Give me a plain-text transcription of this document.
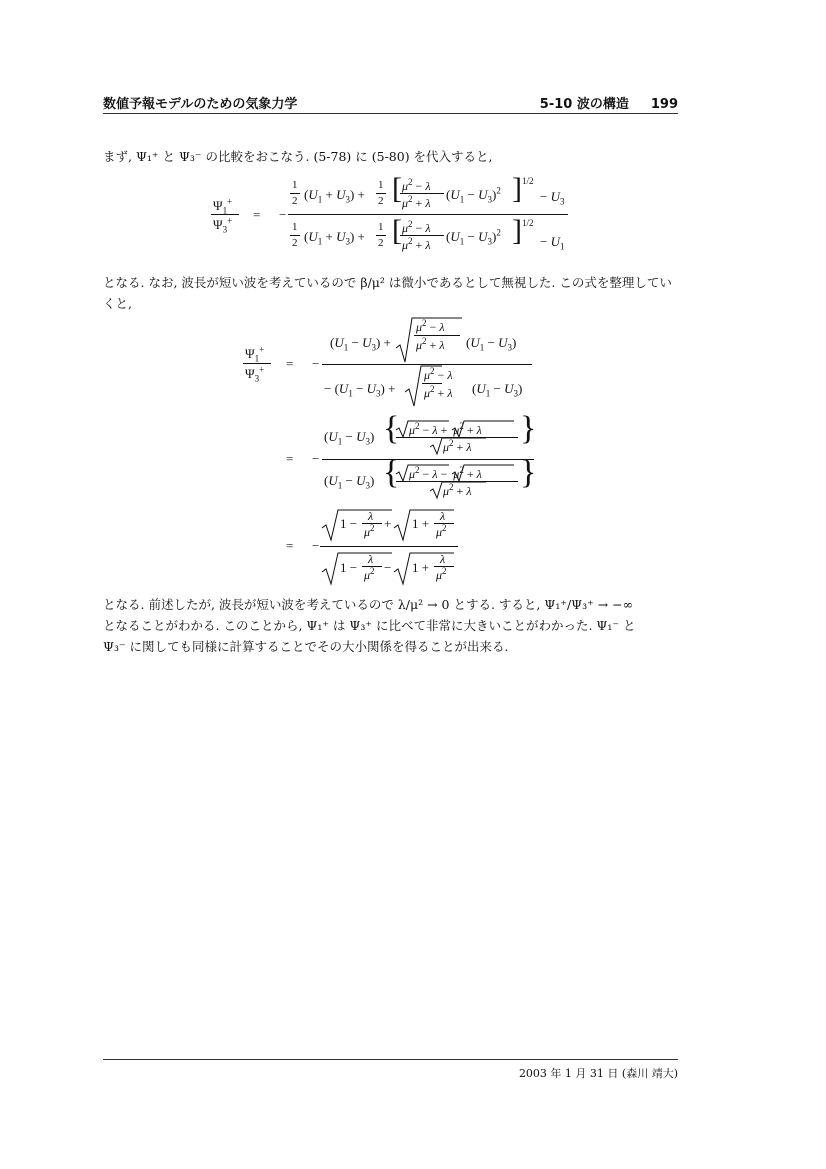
数値予報モデルのための気象力学	5-10 波の構造 199
まず, Ψ₁⁺ と Ψ₃⁻ の比較をおこなう. (5-78) に (5-80) を代入すると,
$\Psi_1^+$
$\Psi_3^+$ = −
1
2 $(U_1 + U_3)$ +
1
2 [ $\mu^2 - \lambda$
$\mu^2 + \lambda$
$(U_1 - U_3)^2$ ] 1/2
− $U_3$
1
2 $(U_1 + U_3)$ +
1
2 [ $\mu^2 - \lambda$
$\mu^2 + \lambda$
$(U_1 - U_3)^2$ ] 1/2
− $U_1$
となる. なお, 波長が短い波を考えているので β/μ² は微小であるとして無視した. この式を整理していくと,
$\Psi_1^+$
$\Psi_3^+$ = −
$(U_1 - U_3)$ +
$\mu^2 - \lambda$
$\mu^2 + \lambda$ $(U_1 - U_3)$
− $(U_1 - U_3)$ +
$\mu^2 - \lambda$
$\mu^2 + \lambda$ $(U_1 - U_3)$
= −
$(U_1 - U_3)$ { $\mu^2 - \lambda + \mu^2 + \lambda$
$\mu^2 + \lambda$ }
$(U_1 - U_3)$ { $\mu^2 - \lambda - \mu^2 + \lambda$
$\mu^2 + \lambda$ }
= −
1 − λ
$\mu^2 + 1 + \lambda$
$\mu^2$
1 −
λ
$\mu^2 - 1$ +
λ
$\mu^2$
となる. 前述したが, 波長が短い波を考えているので λ/μ² → 0 とする. すると, Ψ₁⁺/Ψ₃⁺ → −∞
となることがわかる. このことから, Ψ₁⁺ は Ψ₃⁺ に比べて非常に大きいことがわかった. Ψ₁⁻ と
Ψ₃⁻ に関しても同様に計算することでその大小関係を得ることが出来る.
2003 年 1 月 31 日 (森川 靖大)
